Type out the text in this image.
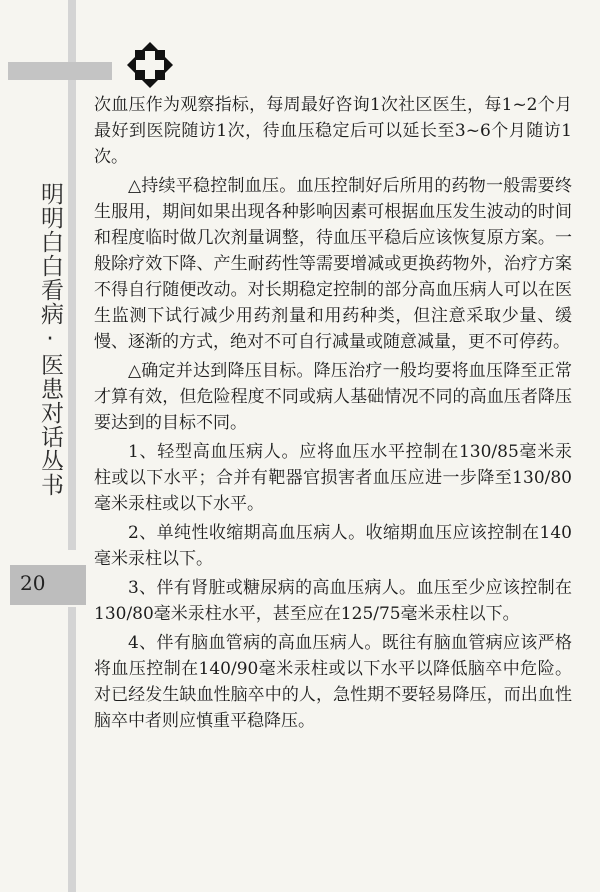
明明白白看病·医患对话丛书
20

次血压作为观察指标，每周最好咨询1次社区医生，每1~2个月最好到医院随访1次，待血压稳定后可以延长至3~6个月随访1次。

△持续平稳控制血压。血压控制好后所用的药物一般需要终生服用，期间如果出现各种影响因素可根据血压发生波动的时间和程度临时做几次剂量调整，待血压平稳后应该恢复原方案。一般除疗效下降、产生耐药性等需要增减或更换药物外，治疗方案不得自行随便改动。对长期稳定控制的部分高血压病人可以在医生监测下试行减少用药剂量和用药种类，但注意采取少量、缓慢、逐渐的方式，绝对不可自行减量或随意减量，更不可停药。

△确定并达到降压目标。降压治疗一般均要将血压降至正常才算有效，但危险程度不同或病人基础情况不同的高血压者降压要达到的目标不同。

1、轻型高血压病人。应将血压水平控制在130/85毫米汞柱或以下水平；合并有靶器官损害者血压应进一步降至130/80毫米汞柱或以下水平。

2、单纯性收缩期高血压病人。收缩期血压应该控制在140毫米汞柱以下。

3、伴有肾脏或糖尿病的高血压病人。血压至少应该控制在130/80毫米汞柱水平，甚至应在125/75毫米汞柱以下。

4、伴有脑血管病的高血压病人。既往有脑血管病应该严格将血压控制在140/90毫米汞柱或以下水平以降低脑卒中危险。对已经发生缺血性脑卒中的人，急性期不要轻易降压，而出血性脑卒中者则应慎重平稳降压。
